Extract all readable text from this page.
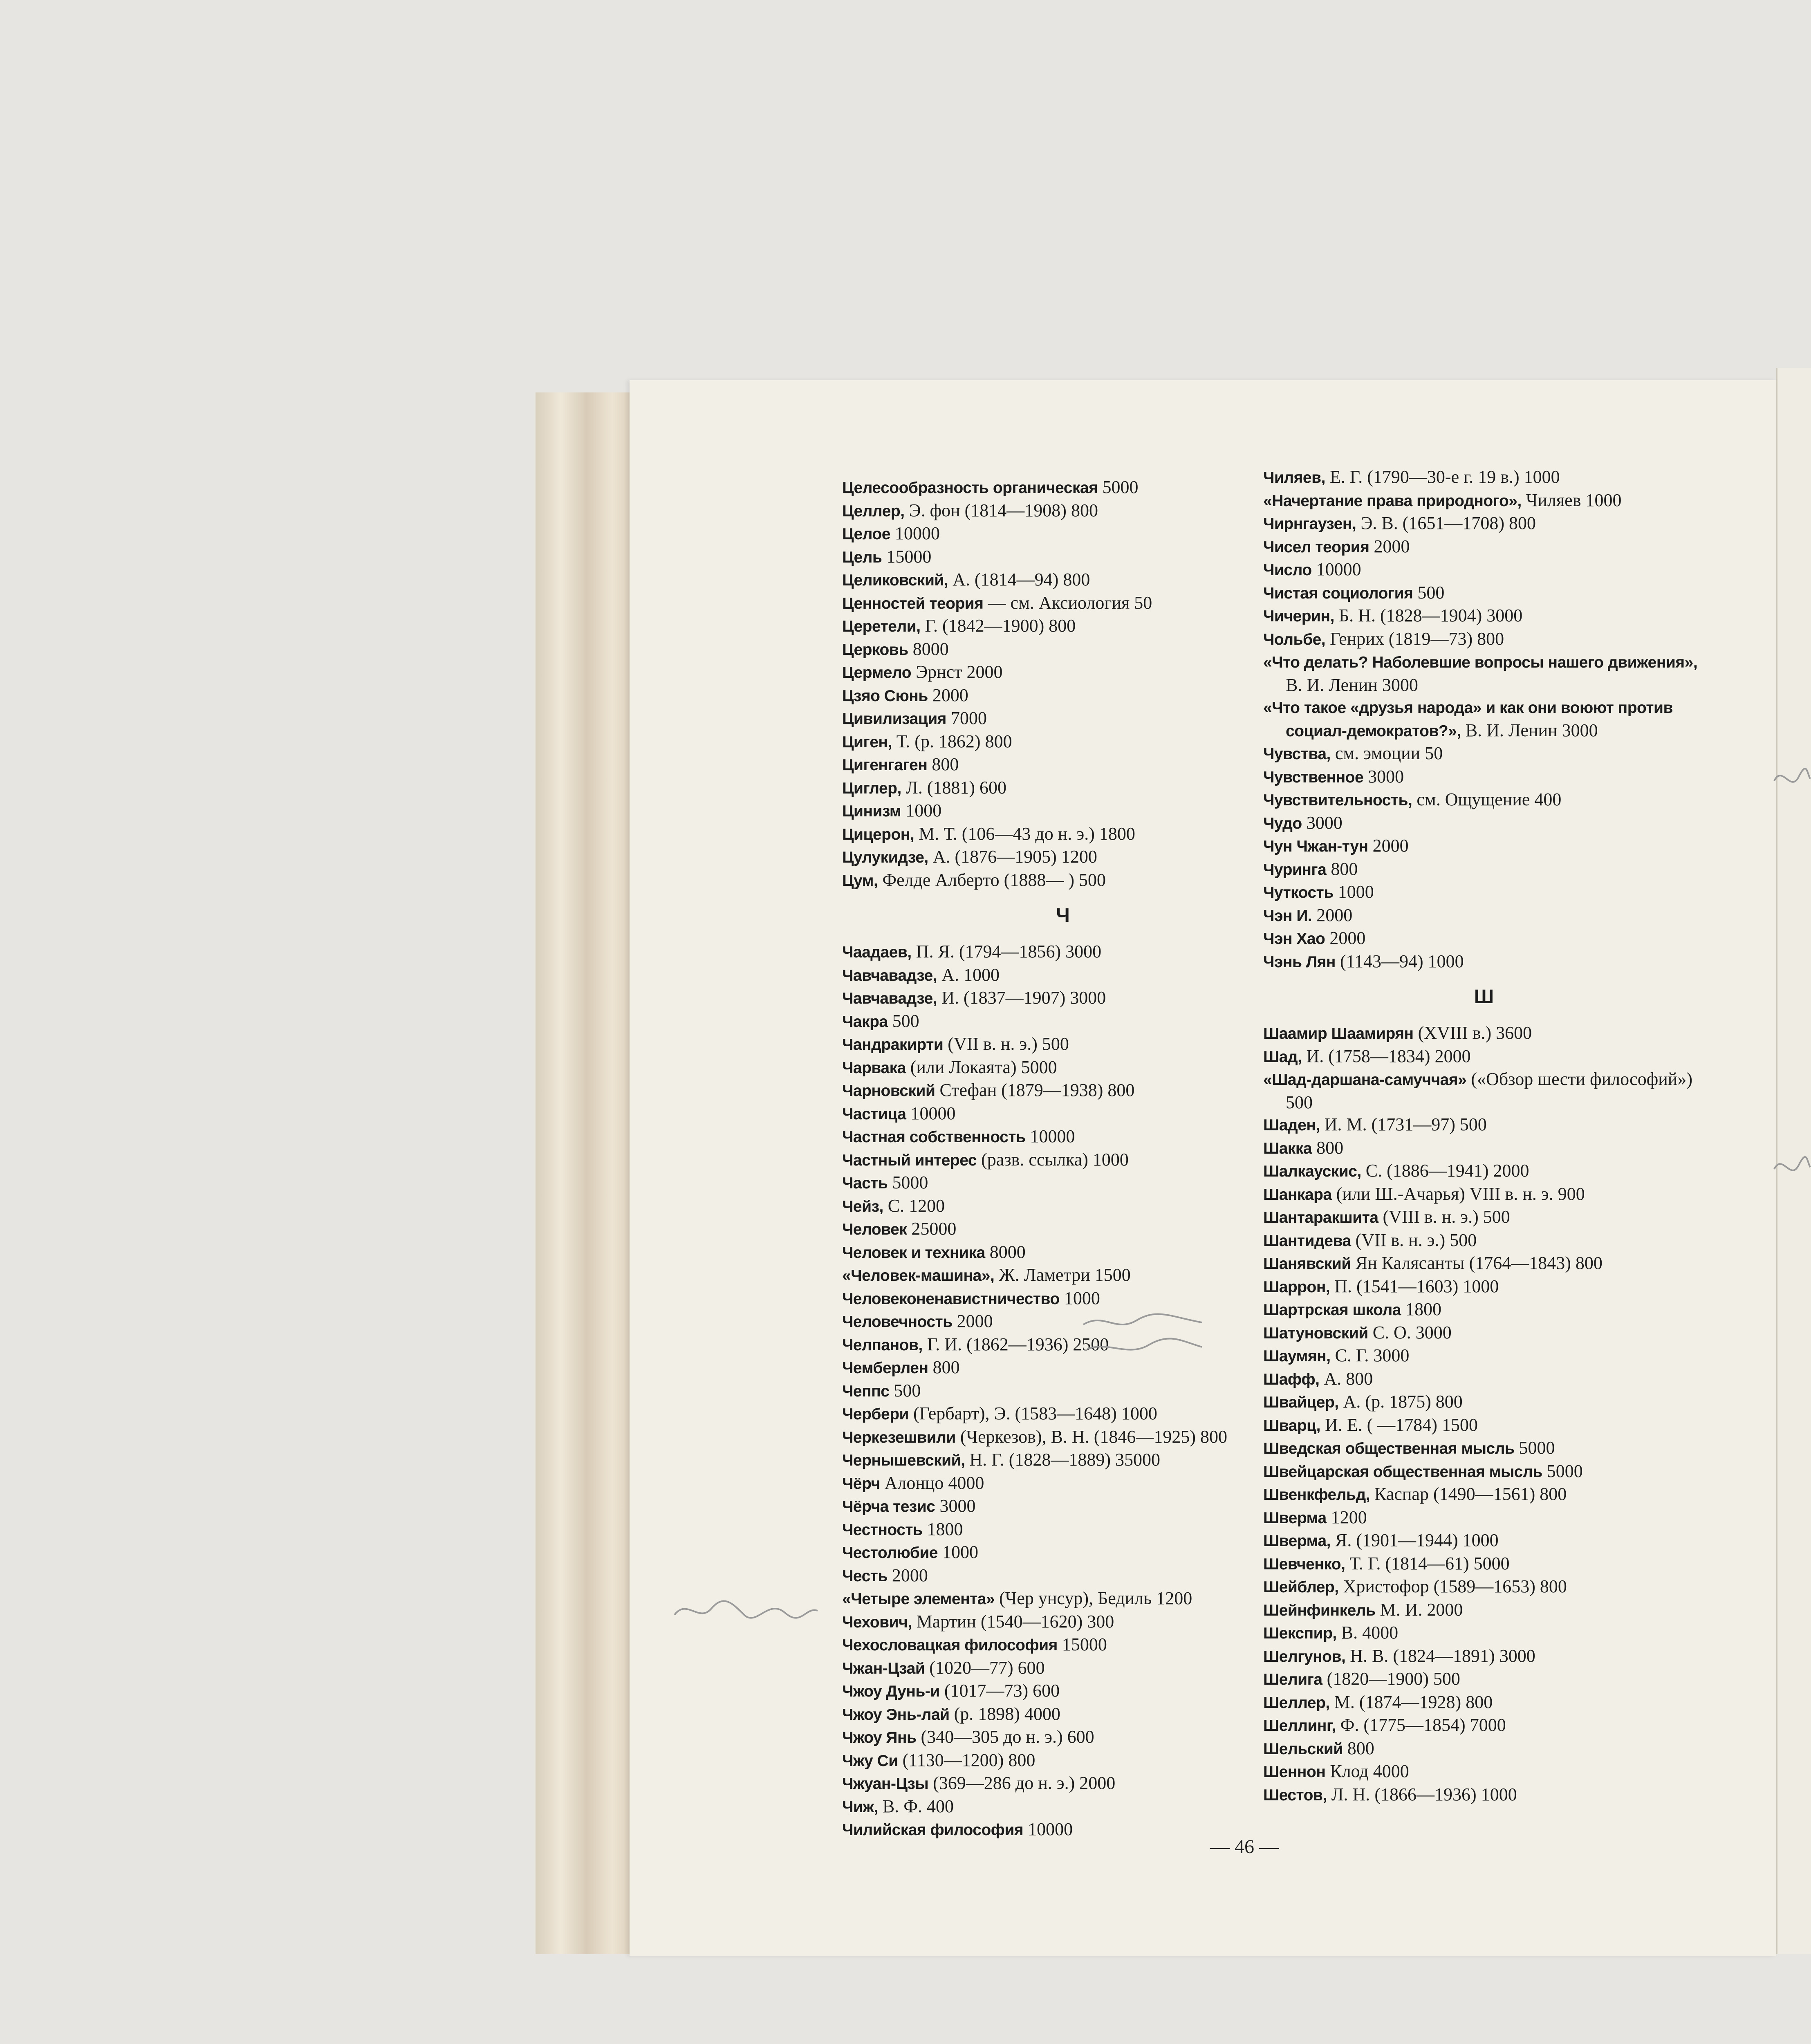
Целесообразность органическая 5000
Целлер, Э. фон (1814—1908) 800
Целое 10000
Цель 15000
Целиковский, А. (1814—94) 800
Ценностей теория — см. Аксиология 50
Церетели, Г. (1842—1900) 800
Церковь 8000
Цермело Эрнст 2000
Цзяо Сюнь 2000
Цивилизация 7000
Циген, Т. (р. 1862) 800
Цигенгаген 800
Циглер, Л. (1881) 600
Цинизм 1000
Цицерон, М. Т. (106—43 до н. э.) 1800
Цулукидзе, А. (1876—1905) 1200
Цум, Фелде Алберто (1888— ) 500
Ч
Чаадаев, П. Я. (1794—1856) 3000
Чавчавадзе, А. 1000
Чавчавадзе, И. (1837—1907) 3000
Чакра 500
Чандракирти (VII в. н. э.) 500
Чарвака (или Локаята) 5000
Чарновский Стефан (1879—1938) 800
Частица 10000
Частная собственность 10000
Частный интерес (разв. ссылка) 1000
Часть 5000
Чейз, С. 1200
Человек 25000
Человек и техника 8000
«Человек-машина», Ж. Ламетри 1500
Человеконенавистничество 1000
Человечность 2000
Челпанов, Г. И. (1862—1936) 2500
Чемберлен 800
Чеппс 500
Чербери (Гербарт), Э. (1583—1648) 1000
Черкезешвили (Черкезов), В. Н. (1846—1925) 800
Чернышевский, Н. Г. (1828—1889) 35000
Чёрч Алонцо 4000
Чёрча тезис 3000
Честность 1800
Честолюбие 1000
Честь 2000
«Четыре элемента» (Чер унсур), Бедиль 1200
Чехович, Мартин (1540—1620) 300
Чехословацкая философия 15000
Чжан-Цзай (1020—77) 600
Чжоу Дунь-и (1017—73) 600
Чжоу Энь-лай (р. 1898) 4000
Чжоу Янь (340—305 до н. э.) 600
Чжу Си (1130—1200) 800
Чжуан-Цзы (369—286 до н. э.) 2000
Чиж, В. Ф. 400
Чилийская философия 10000
Чиляев, Е. Г. (1790—30-е г. 19 в.) 1000
«Начертание права природного», Чиляев 1000
Чирнгаузен, Э. В. (1651—1708) 800
Чисел теория 2000
Число 10000
Чистая социология 500
Чичерин, Б. Н. (1828—1904) 3000
Чольбе, Генрих (1819—73) 800
«Что делать? Наболевшие вопросы нашего движения», В. И. Ленин 3000
«Что такое «друзья народа» и как они воюют против социал-демократов?», В. И. Ленин 3000
Чувства, см. эмоции 50
Чувственное 3000
Чувствительность, см. Ощущение 400
Чудо 3000
Чун Чжан-тун 2000
Чуринга 800
Чуткость 1000
Чэн И. 2000
Чэн Хао 2000
Чэнь Лян (1143—94) 1000
Ш
Шаамир Шаамирян (XVIII в.) 3600
Шад, И. (1758—1834) 2000
«Шад-даршана-самуччая» («Обзор шести философий») 500
Шаден, И. М. (1731—97) 500
Шакка 800
Шалкаускис, С. (1886—1941) 2000
Шанкара (или Ш.-Ачарья) VIII в. н. э. 900
Шантаракшита (VIII в. н. э.) 500
Шантидева (VII в. н. э.) 500
Шанявский Ян Калясанты (1764—1843) 800
Шаррон, П. (1541—1603) 1000
Шартрская школа 1800
Шатуновский С. О. 3000
Шаумян, С. Г. 3000
Шафф, А. 800
Швайцер, А. (р. 1875) 800
Шварц, И. Е. ( —1784) 1500
Шведская общественная мысль 5000
Швейцарская общественная мысль 5000
Швенкфельд, Каспар (1490—1561) 800
Шверма 1200
Шверма, Я. (1901—1944) 1000
Шевченко, Т. Г. (1814—61) 5000
Шейблер, Христофор (1589—1653) 800
Шейнфинкель М. И. 2000
Шекспир, В. 4000
Шелгунов, Н. В. (1824—1891) 3000
Шелига (1820—1900) 500
Шеллер, М. (1874—1928) 800
Шеллинг, Ф. (1775—1854) 7000
Шельский 800
Шеннон Клод 4000
Шестов, Л. Н. (1866—1936) 1000
— 46 —
